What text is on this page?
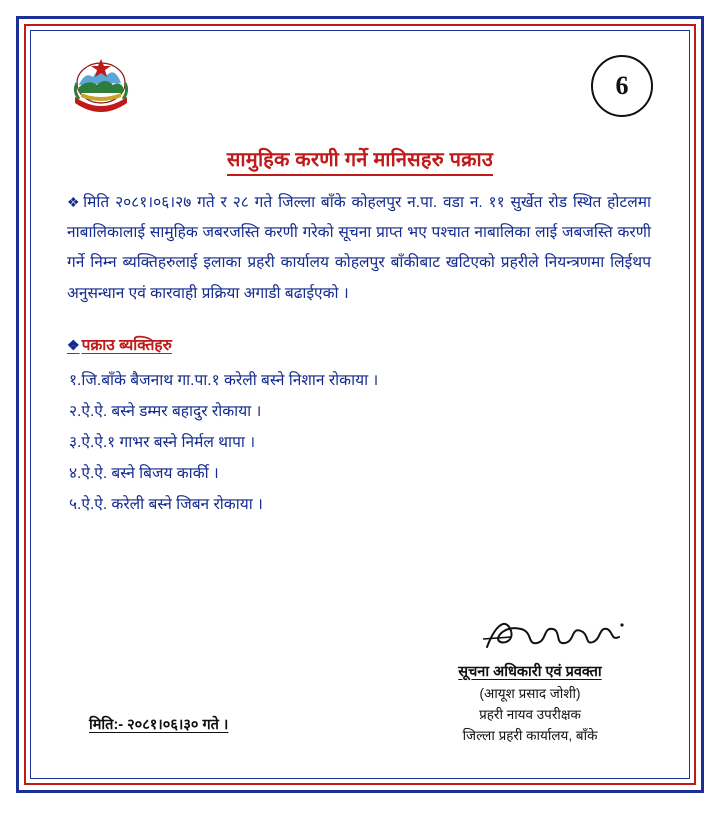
6
सामुहिक करणी गर्ने मानिसहरु पक्राउ
❖ मिति २०८१।०६।२७ गते र २८ गते जिल्ला बाँके कोहलपुर न.पा. वडा न. ११ सुर्खेत रोड स्थित होटलमा नाबालिकालाई सामुहिक जबरजस्ति करणी गरेको सूचना प्राप्त भए पश्चात नाबालिका लाई जबजस्ति करणी गर्ने निम्न ब्यक्तिहरुलाई इलाका प्रहरी कार्यालय कोहलपुर बाँकीबाट खटिएको प्रहरीले नियन्त्रणमा लिईथप अनुसन्धान एवं कारवाही प्रक्रिया अगाडी बढाईएको ।
❖ पक्राउ ब्यक्तिहरु
१.जि.बाँके बैजनाथ गा.पा.१ करेली बस्ने निशान रोकाया ।
२.ऐ.ऐ. बस्ने डम्मर बहादुर रोकाया ।
३.ऐ.ऐ.१ गाभर बस्ने निर्मल थापा ।
४.ऐ.ऐ. बस्ने बिजय कार्की ।
५.ऐ.ऐ. करेली बस्ने जिबन रोकाया ।
मिति:- २०८१।०६।३० गते ।
सूचना अधिकारी एवं प्रवक्ता
(आयूश प्रसाद जोशी)
प्रहरी नायव उपरीक्षक
जिल्ला प्रहरी कार्यालय, बाँके
